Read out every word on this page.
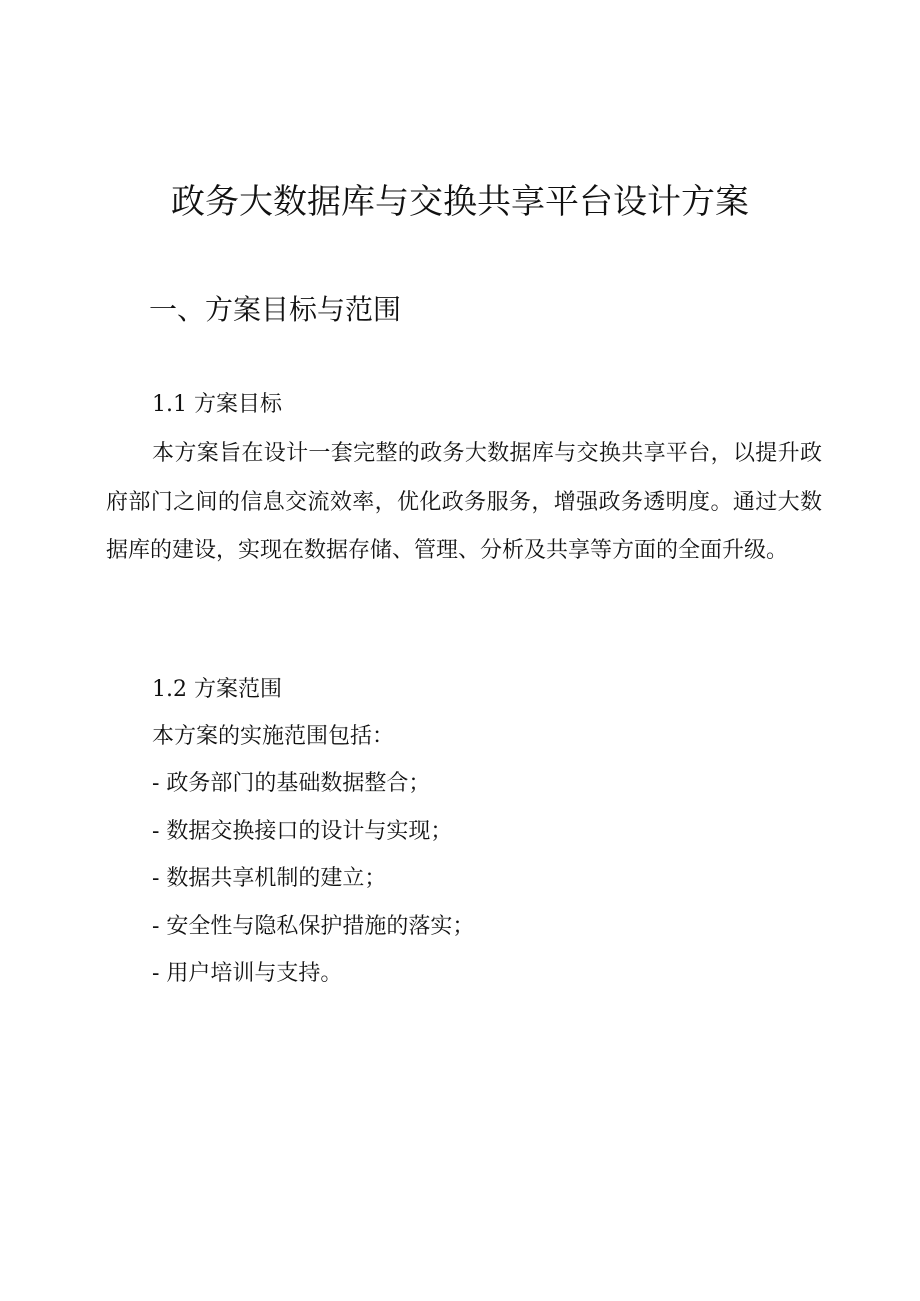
政务大数据库与交换共享平台设计方案
一、方案目标与范围
1.1 方案目标

本方案旨在设计一套完整的政务大数据库与交换共享平台，以提升政府部门之间的信息交流效率，优化政务服务，增强政务透明度。通过大数据库的建设，实现在数据存储、管理、分析及共享等方面的全面升级。

1.2 方案范围

本方案的实施范围包括：

- 政务部门的基础数据整合；
- 数据交换接口的设计与实现；
- 数据共享机制的建立；
- 安全性与隐私保护措施的落实；
- 用户培训与支持。
